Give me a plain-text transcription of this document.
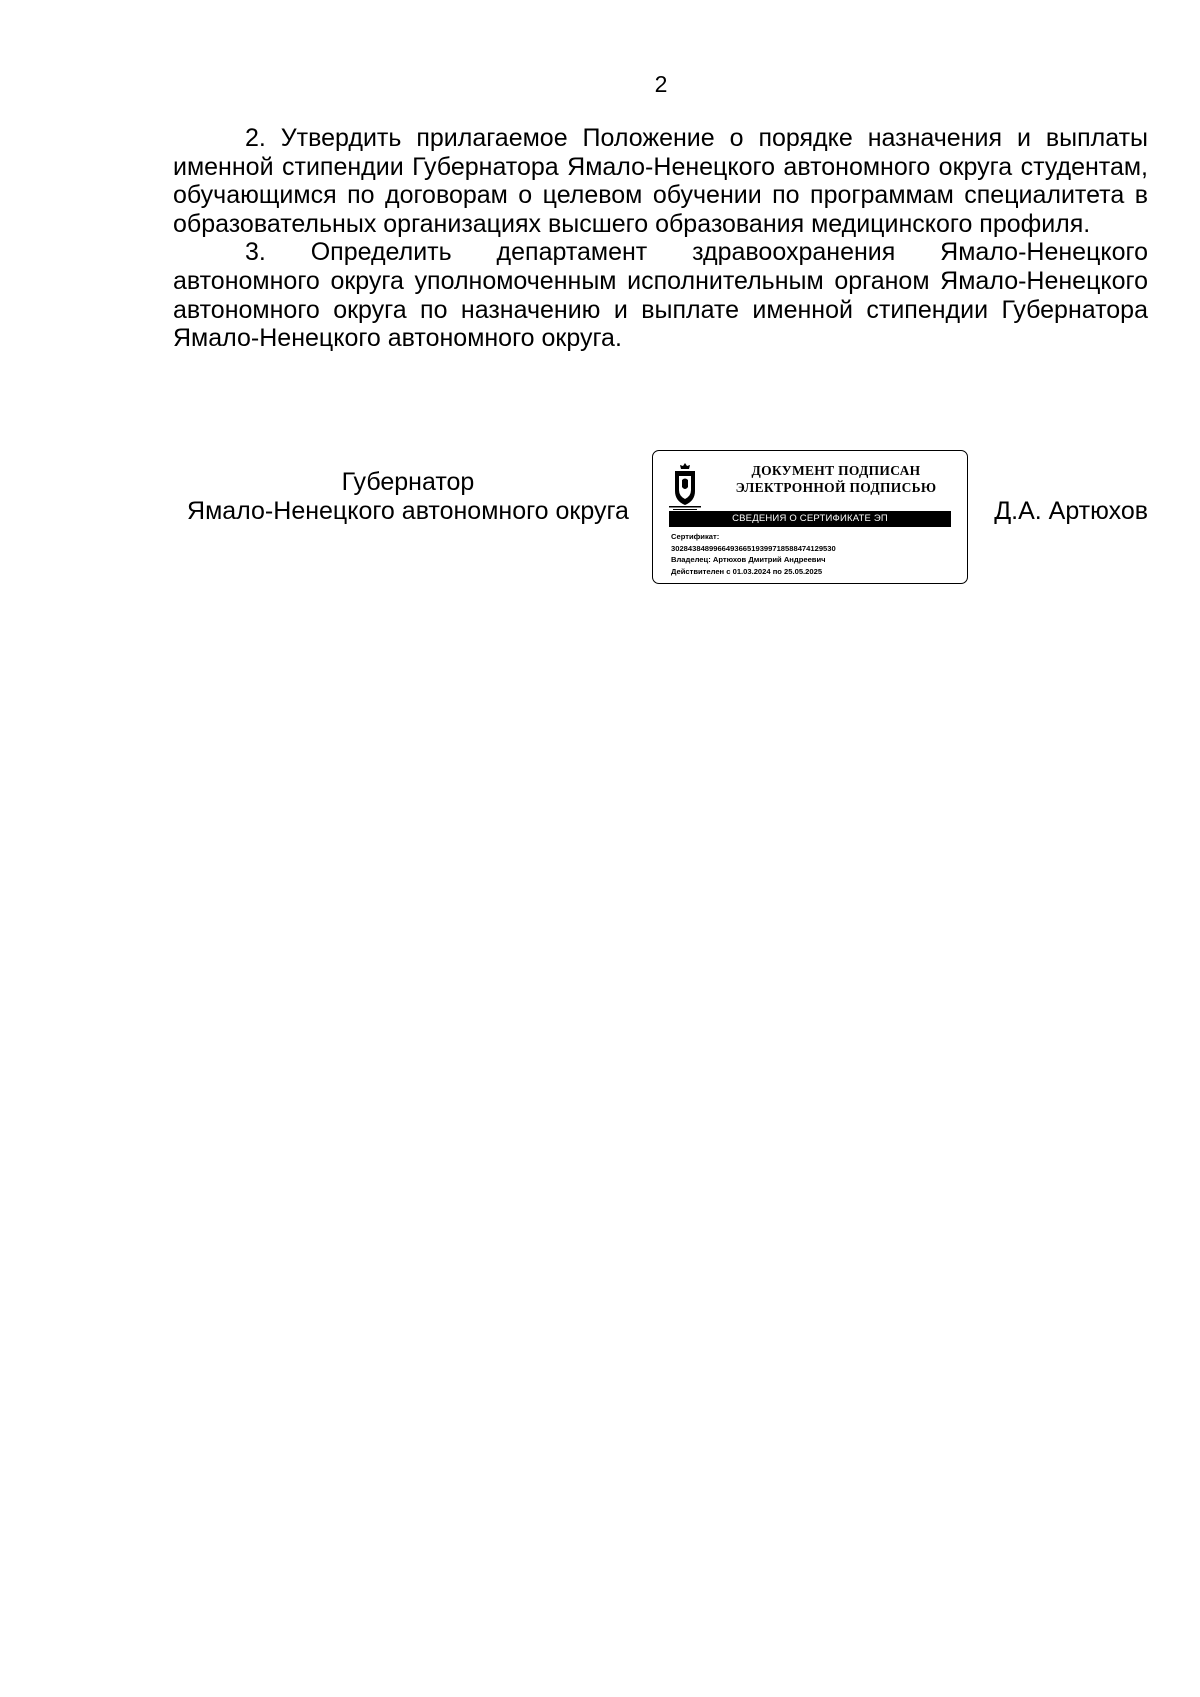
2

2. Утвердить прилагаемое Положение о порядке назначения и выплаты именной стипендии Губернатора Ямало-Ненецкого автономного округа студентам, обучающимся по договорам о целевом обучении по программам специалитета в образовательных организациях высшего образования медицинского профиля.

3. Определить департамент здравоохранения Ямало-Ненецкого автономного округа уполномоченным исполнительным органом Ямало-Ненецкого автономного округа по назначению и выплате именной стипендии Губернатора Ямало-Ненецкого автономного округа.

Губернатор
Ямало-Ненецкого автономного округа
ДОКУМЕНТ ПОДПИСАН
ЭЛЕКТРОННОЙ ПОДПИСЬЮ
СВЕДЕНИЯ О СЕРТИФИКАТЕ ЭП
Сертификат:
302843848996649366519399718588474129530
Владелец: Артюхов Дмитрий Андреевич
Действителен с 01.03.2024 по 25.05.2025
Д.А. Артюхов
